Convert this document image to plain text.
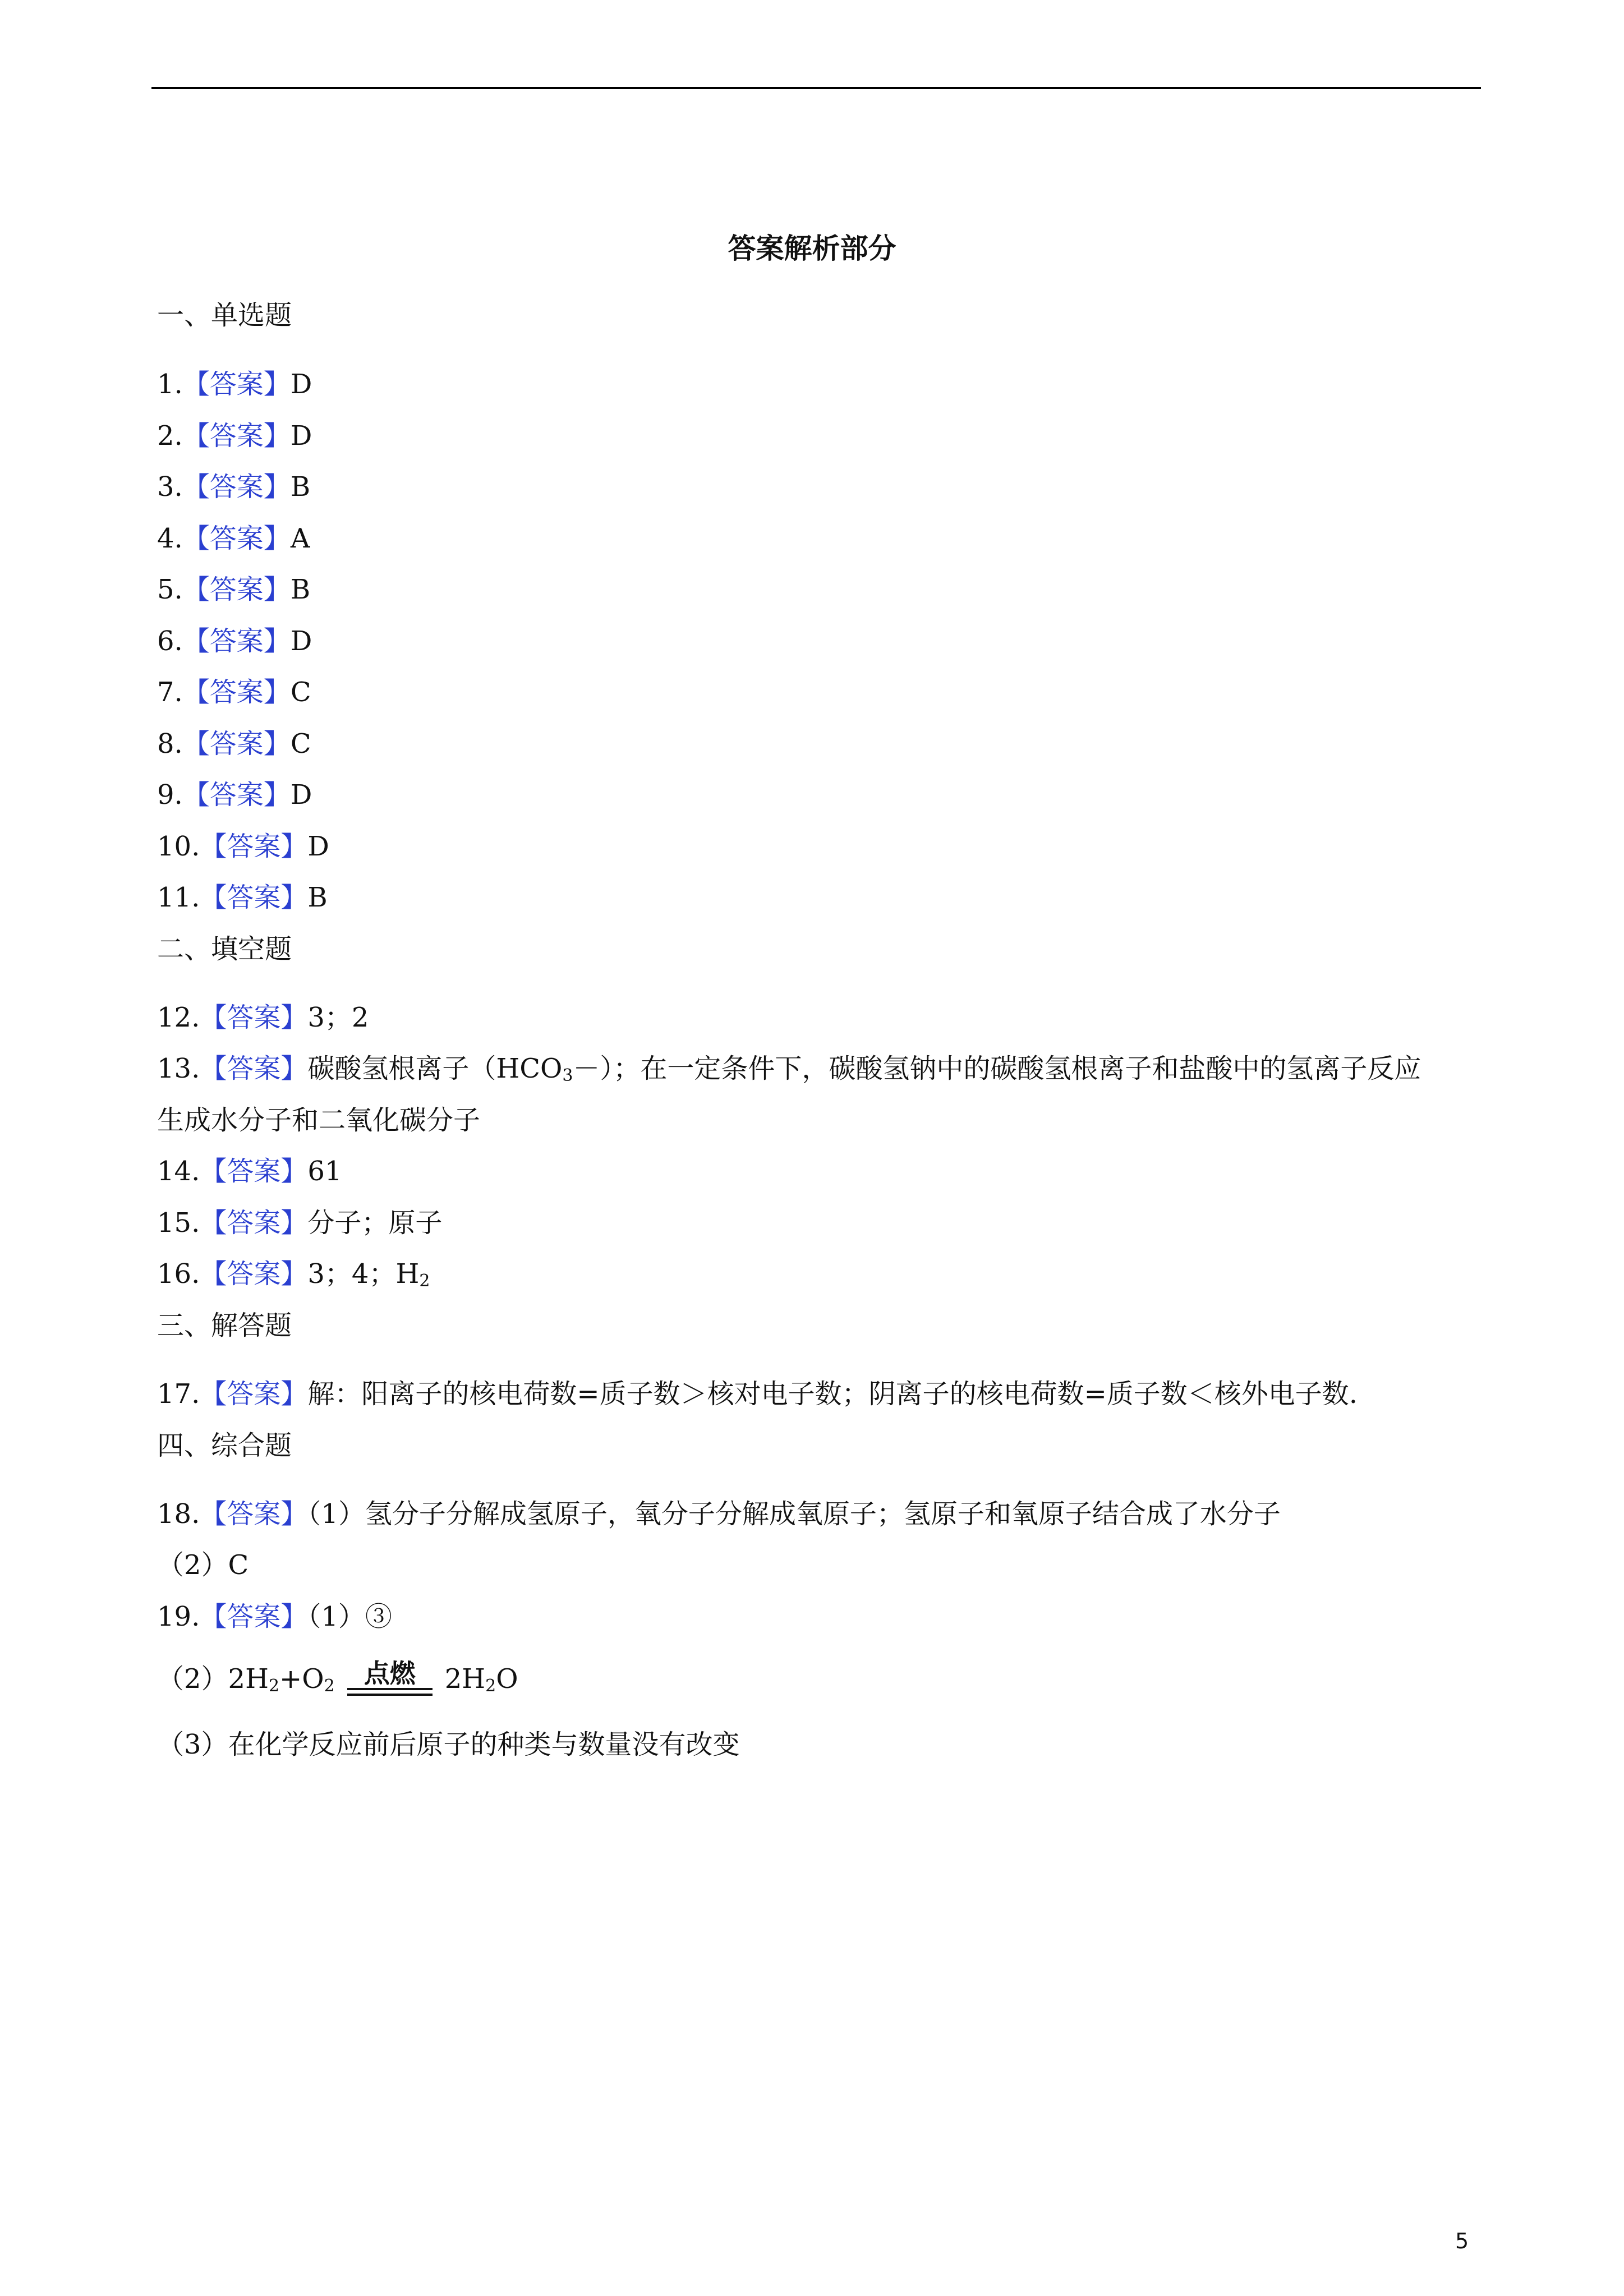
答案解析部分
一、单选题
1.【答案】D
2.【答案】D
3.【答案】B
4.【答案】A
5.【答案】B
6.【答案】D
7.【答案】C
8.【答案】C
9.【答案】D
10.【答案】D
11.【答案】B
二、填空题
12.【答案】3；2
13.【答案】碳酸氢根离子$(HCO_3-)$；在一定条件下，碳酸氢钠中的碳酸氢根离子和盐酸中的氢离子反应
生成水分子和二氧化碳分子
14.【答案】61
15.【答案】分子；原子
16.【答案】3；4；$H_2$
三、解答题
17.【答案】解：阳离子的核电荷数=质子数＞核对电子数；阴离子的核电荷数=质子数＜核外电子数.
四、综合题
18.【答案】（1）氢分子分解成氢原子，氧分子分解成氧原子；氢原子和氧原子结合成了水分子
（2）C
19.【答案】（1）③
$(2)2H_2+O_2$	点燃	$2H_2O$
（3）在化学反应前后原子的种类与数量没有改变
5
